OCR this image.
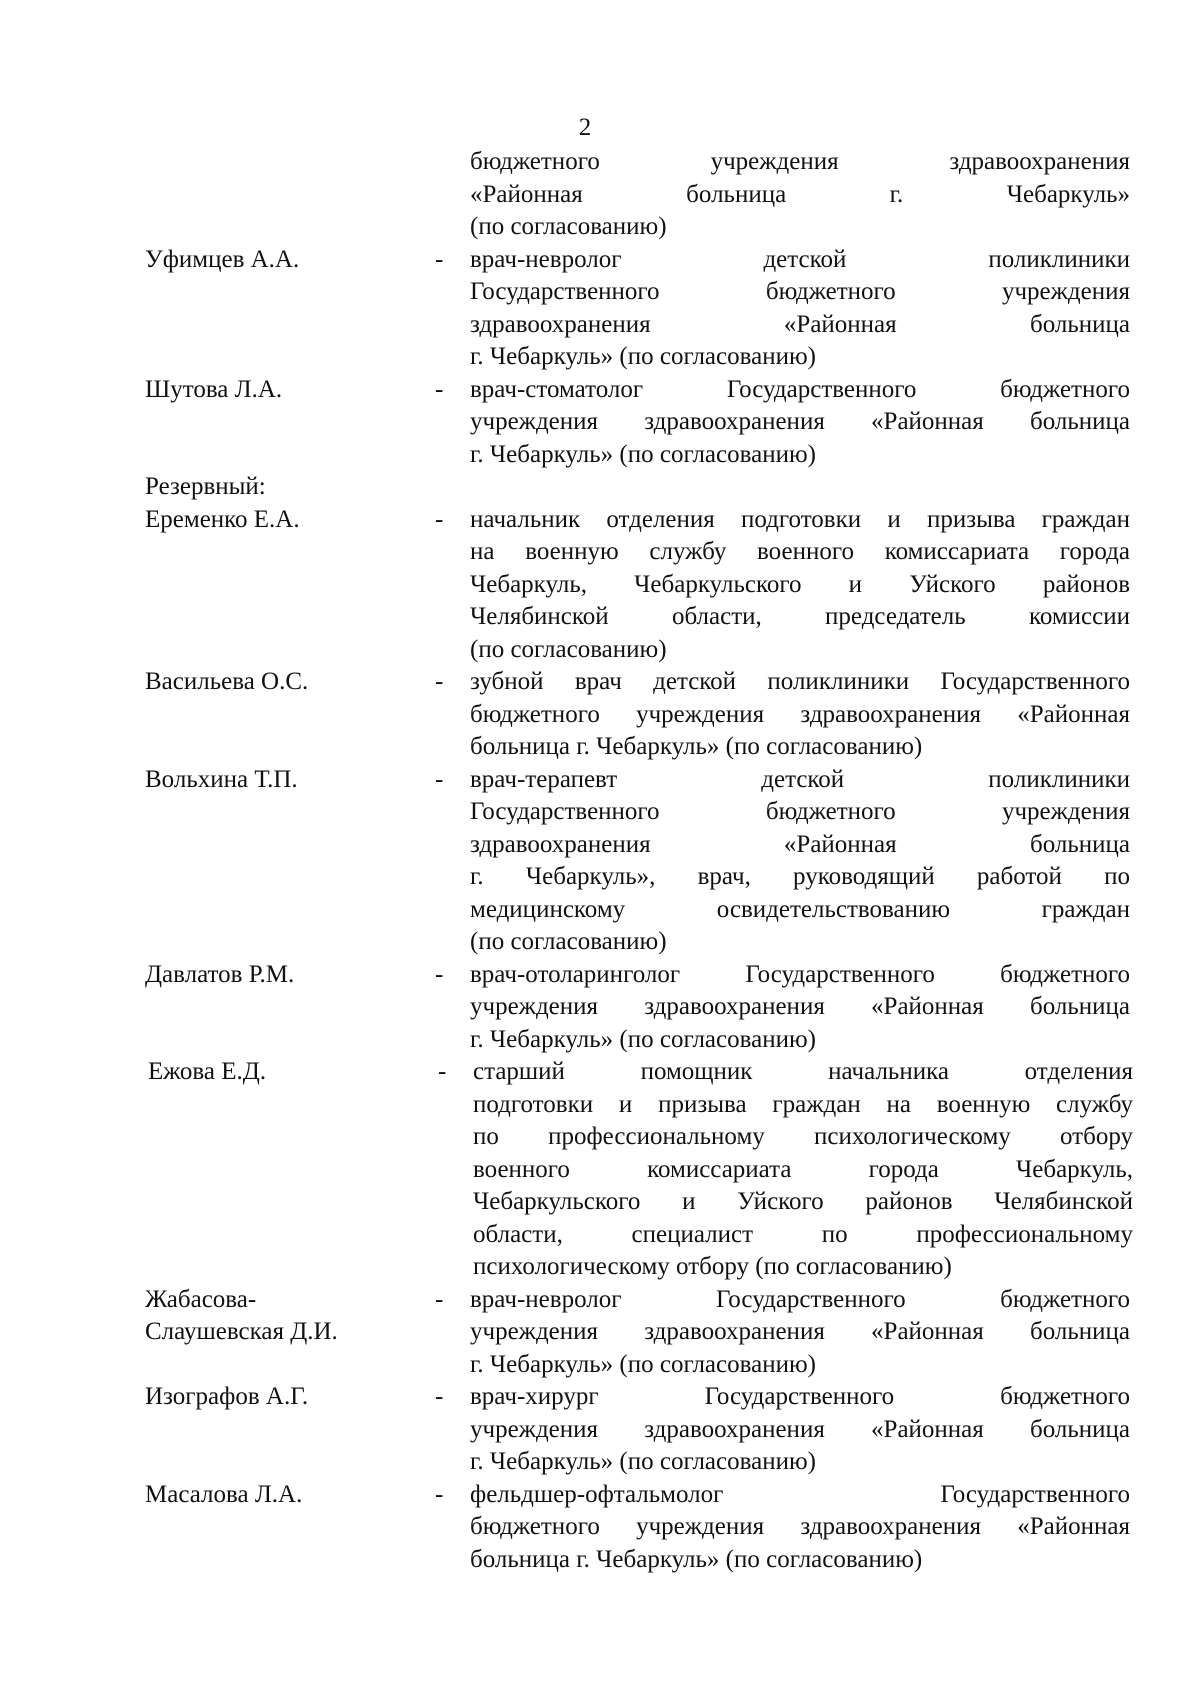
2
бюджетного учреждения здравоохранения
«Районная больница г. Чебаркуль»
(по согласованию)
Уфимцев А.А.	-	врач-невролог детской поликлиники
Государственного бюджетного учреждения
здравоохранения «Районная больница
г. Чебаркуль» (по согласованию)
Шутова Л.А.	-	врач-стоматолог Государственного бюджетного
учреждения здравоохранения «Районная больница
г. Чебаркуль» (по согласованию)
Резервный:
Еременко Е.А.	-	начальник отделения подготовки и призыва граждан
на военную службу военного комиссариата города
Чебаркуль, Чебаркульского и Уйского районов
Челябинской области, председатель комиссии
(по согласованию)
Васильева О.С.	-	зубной врач детской поликлиники Государственного
бюджетного учреждения здравоохранения «Районная
больница г. Чебаркуль» (по согласованию)
Вольхина Т.П.	-	врач-терапевт детской поликлиники
Государственного бюджетного учреждения
здравоохранения «Районная больница
г. Чебаркуль», врач, руководящий работой по
медицинскому освидетельствованию граждан
(по согласованию)
Давлатов Р.М.	-	врач-отоларинголог Государственного бюджетного
учреждения здравоохранения «Районная больница
г. Чебаркуль» (по согласованию)
Ежова Е.Д.	-	старший помощник начальника отделения
подготовки и призыва граждан на военную службу
по профессиональному психологическому отбору
военного комиссариата города Чебаркуль,
Чебаркульского и Уйского районов Челябинской
области, специалист по профессиональному
психологическому отбору (по согласованию)
Жабасова-
Слаушевская Д.И.
-	врач-невролог Государственного бюджетного
учреждения здравоохранения «Районная больница
г. Чебаркуль» (по согласованию)
Изографов А.Г.	-	врач-хирург Государственного бюджетного
учреждения здравоохранения «Районная больница
г. Чебаркуль» (по согласованию)
Масалова Л.А.	-	фельдшер-офтальмолог Государственного
бюджетного учреждения здравоохранения «Районная
больница г. Чебаркуль» (по согласованию)
